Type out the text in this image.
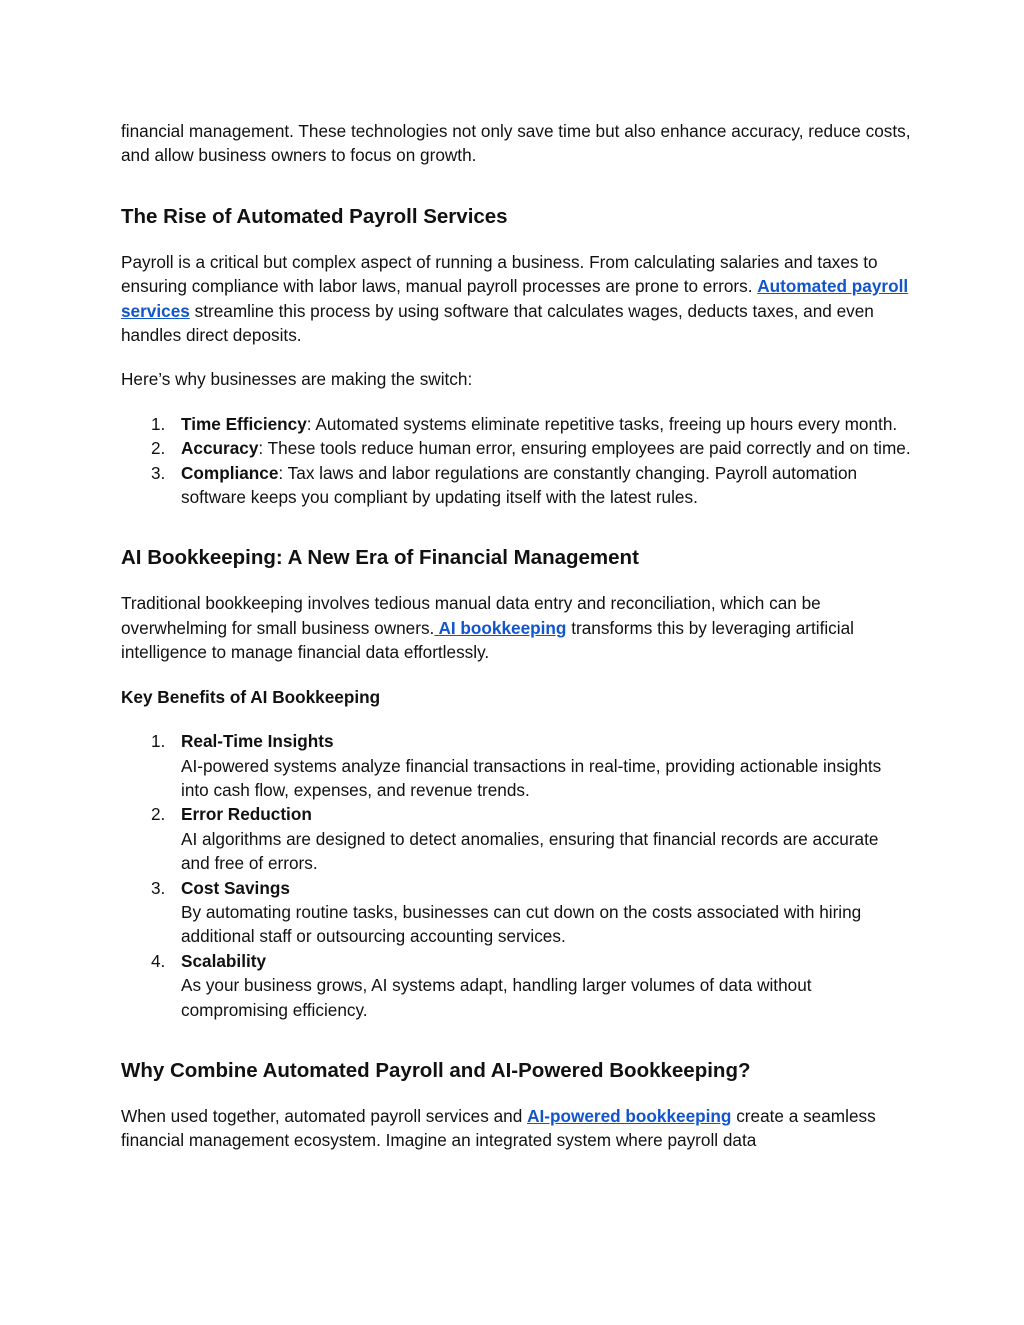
financial management. These technologies not only save time but also enhance accuracy, reduce costs, and allow business owners to focus on growth.

The Rise of Automated Payroll Services

Payroll is a critical but complex aspect of running a business. From calculating salaries and taxes to ensuring compliance with labor laws, manual payroll processes are prone to errors. Automated payroll services streamline this process by using software that calculates wages, deducts taxes, and even handles direct deposits.

Here’s why businesses are making the switch:

1. Time Efficiency: Automated systems eliminate repetitive tasks, freeing up hours every month.
2. Accuracy: These tools reduce human error, ensuring employees are paid correctly and on time.
3. Compliance: Tax laws and labor regulations are constantly changing. Payroll automation software keeps you compliant by updating itself with the latest rules.
AI Bookkeeping: A New Era of Financial Management

Traditional bookkeeping involves tedious manual data entry and reconciliation, which can be overwhelming for small business owners. AI bookkeeping transforms this by leveraging artificial intelligence to manage financial data effortlessly.

Key Benefits of AI Bookkeeping
1. Real-Time Insights
AI-powered systems analyze financial transactions in real-time, providing actionable insights into cash flow, expenses, and revenue trends.
2. Error Reduction
AI algorithms are designed to detect anomalies, ensuring that financial records are accurate and free of errors.
3. Cost Savings
By automating routine tasks, businesses can cut down on the costs associated with hiring additional staff or outsourcing accounting services.
4. Scalability
As your business grows, AI systems adapt, handling larger volumes of data without compromising efficiency.
Why Combine Automated Payroll and AI-Powered Bookkeeping?

When used together, automated payroll services and AI-powered bookkeeping create a seamless financial management ecosystem. Imagine an integrated system where payroll data
